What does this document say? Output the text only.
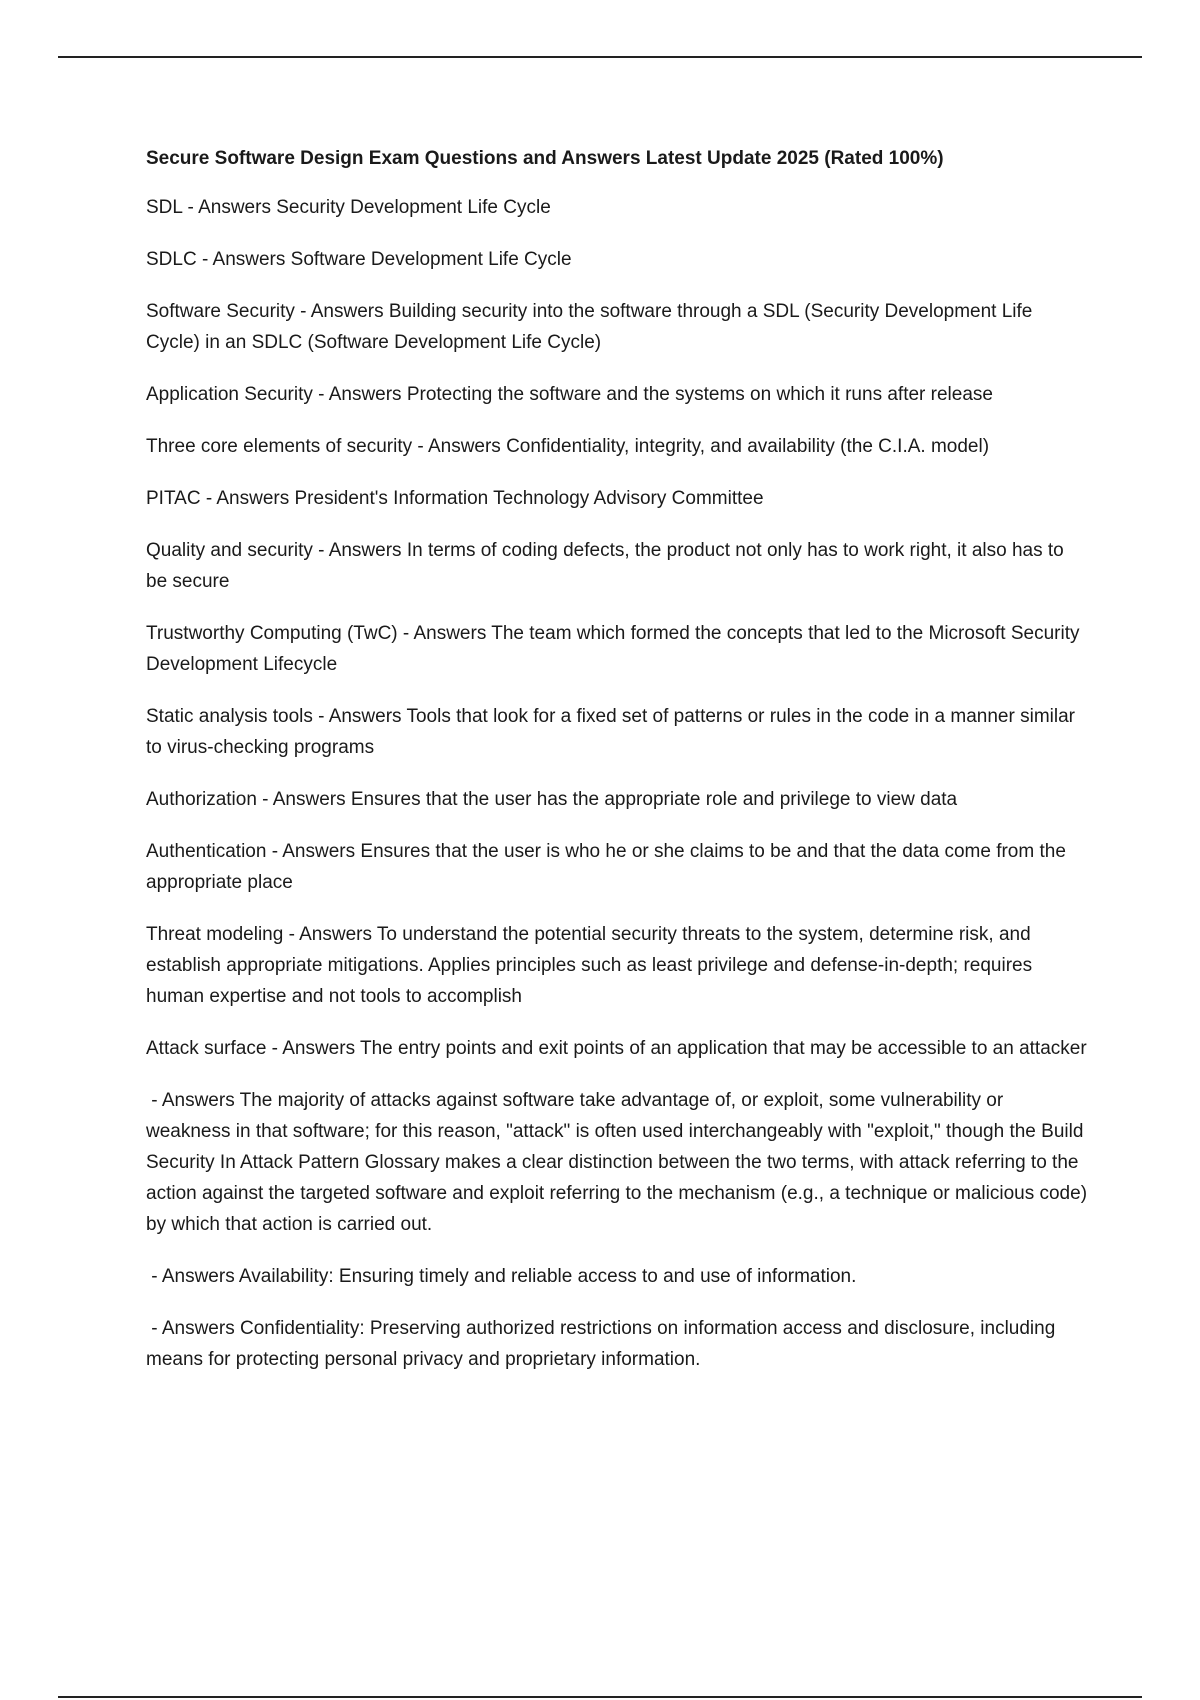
Secure Software Design Exam Questions and Answers Latest Update 2025 (Rated 100%)
SDL - Answers Security Development Life Cycle
SDLC - Answers Software Development Life Cycle
Software Security - Answers Building security into the software through a SDL (Security Development Life Cycle) in an SDLC (Software Development Life Cycle)
Application Security - Answers Protecting the software and the systems on which it runs after release
Three core elements of security - Answers Confidentiality, integrity, and availability (the C.I.A. model)
PITAC - Answers President's Information Technology Advisory Committee
Quality and security - Answers In terms of coding defects, the product not only has to work right, it also has to be secure
Trustworthy Computing (TwC) - Answers The team which formed the concepts that led to the Microsoft Security Development Lifecycle
Static analysis tools - Answers Tools that look for a fixed set of patterns or rules in the code in a manner similar to virus-checking programs
Authorization - Answers Ensures that the user has the appropriate role and privilege to view data
Authentication - Answers Ensures that the user is who he or she claims to be and that the data come from the appropriate place
Threat modeling - Answers To understand the potential security threats to the system, determine risk, and establish appropriate mitigations. Applies principles such as least privilege and defense-in-depth; requires human expertise and not tools to accomplish
Attack surface - Answers The entry points and exit points of an application that may be accessible to an attacker
- Answers The majority of attacks against software take advantage of, or exploit, some vulnerability or weakness in that software; for this reason, "attack" is often used interchangeably with "exploit," though the Build Security In Attack Pattern Glossary makes a clear distinction between the two terms, with attack referring to the action against the targeted software and exploit referring to the mechanism (e.g., a technique or malicious code) by which that action is carried out.
- Answers Availability: Ensuring timely and reliable access to and use of information.
- Answers Confidentiality: Preserving authorized restrictions on information access and disclosure, including means for protecting personal privacy and proprietary information.
